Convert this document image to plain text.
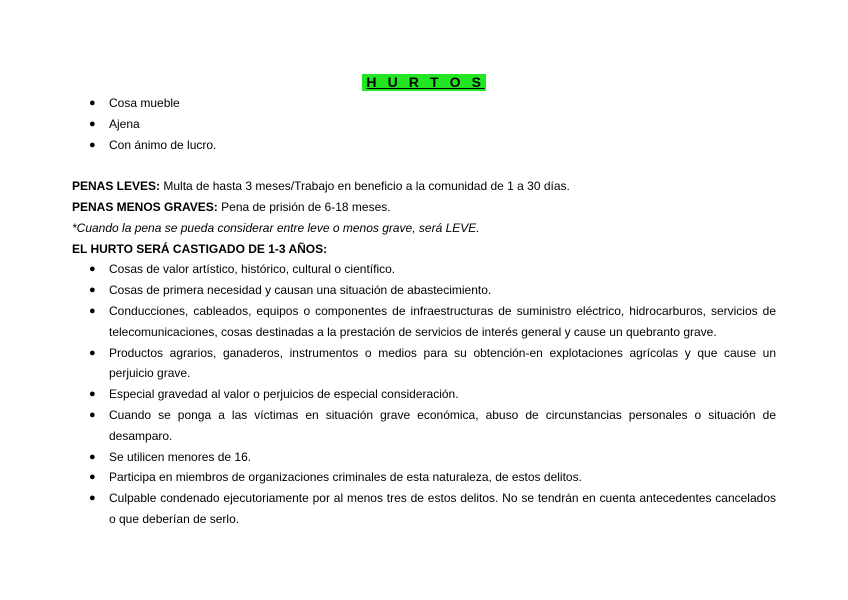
H U R T O S
● Cosa mueble
● Ajena
● Con ánimo de lucro.

PENAS LEVES: Multa de hasta 3 meses/Trabajo en beneficio a la comunidad de 1 a 30 días.

PENAS MENOS GRAVES: Pena de prisión de 6-18 meses.

*Cuando la pena se pueda considerar entre leve o menos grave, será LEVE.

EL HURTO SERÁ CASTIGADO DE 1-3 AÑOS:

● Cosas de valor artístico, histórico, cultural o científico.
● Cosas de primera necesidad y causan una situación de abastecimiento.
● Conducciones, cableados, equipos o componentes de infraestructuras de suministro eléctrico, hidrocarburos, servicios de telecomunicaciones, cosas destinadas a la prestación de servicios de interés general y cause un quebranto grave.
● Productos agrarios, ganaderos, instrumentos o medios para su obtención-en explotaciones agrícolas y que cause un perjuicio grave.
● Especial gravedad al valor o perjuicios de especial consideración.
● Cuando se ponga a las víctimas en situación grave económica, abuso de circunstancias personales o situación de desamparo.
● Se utilicen menores de 16.
● Participa en miembros de organizaciones criminales de esta naturaleza, de estos delitos.
● Culpable condenado ejecutoriamente por al menos tres de estos delitos. No se tendrán en cuenta antecedentes cancelados o que deberían de serlo.
